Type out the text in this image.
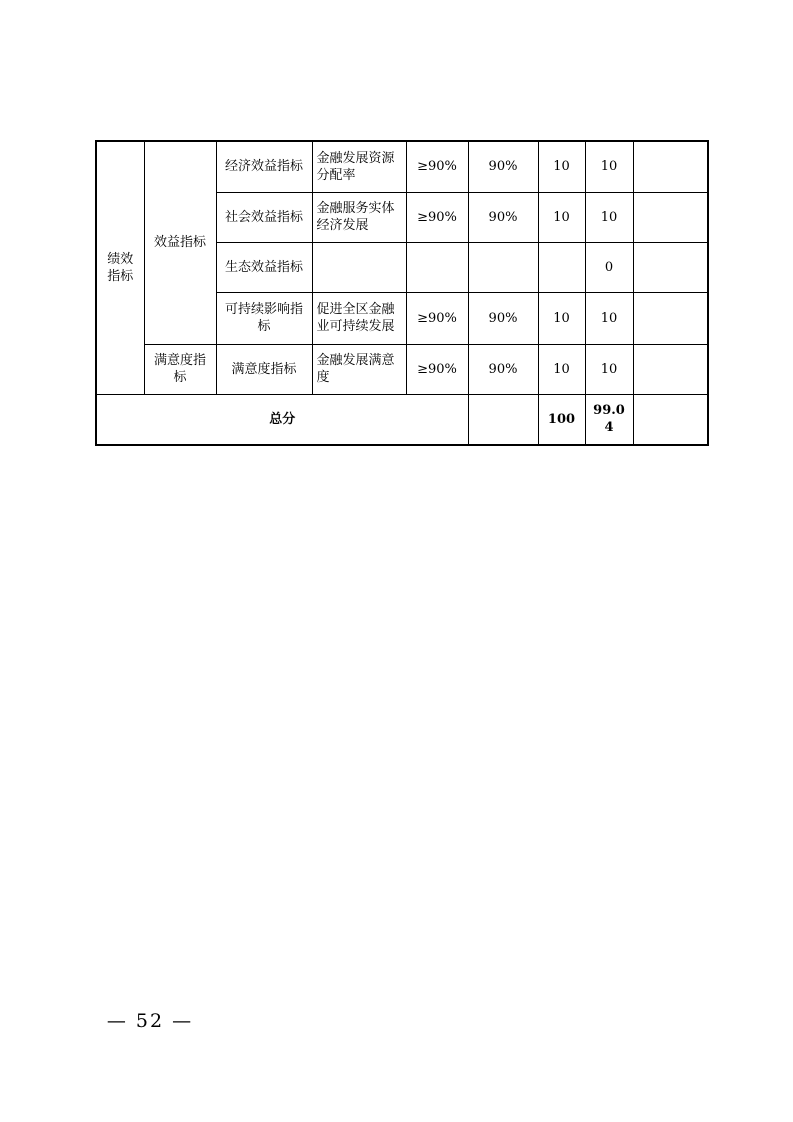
绩效指标	效益指标	经济效益指标	金融发展资源分配率	≥90%	90%	10	10	
		社会效益指标	金融服务实体经济发展	≥90%	90%	10	10	
		生态效益指标					0	
		可持续影响指标	促进全区金融业可持续发展	≥90%	90%	10	10	
	满意度指标	满意度指标	金融发展满意度	≥90%	90%	10	10	
总分						100	99.04	
— 52 —
